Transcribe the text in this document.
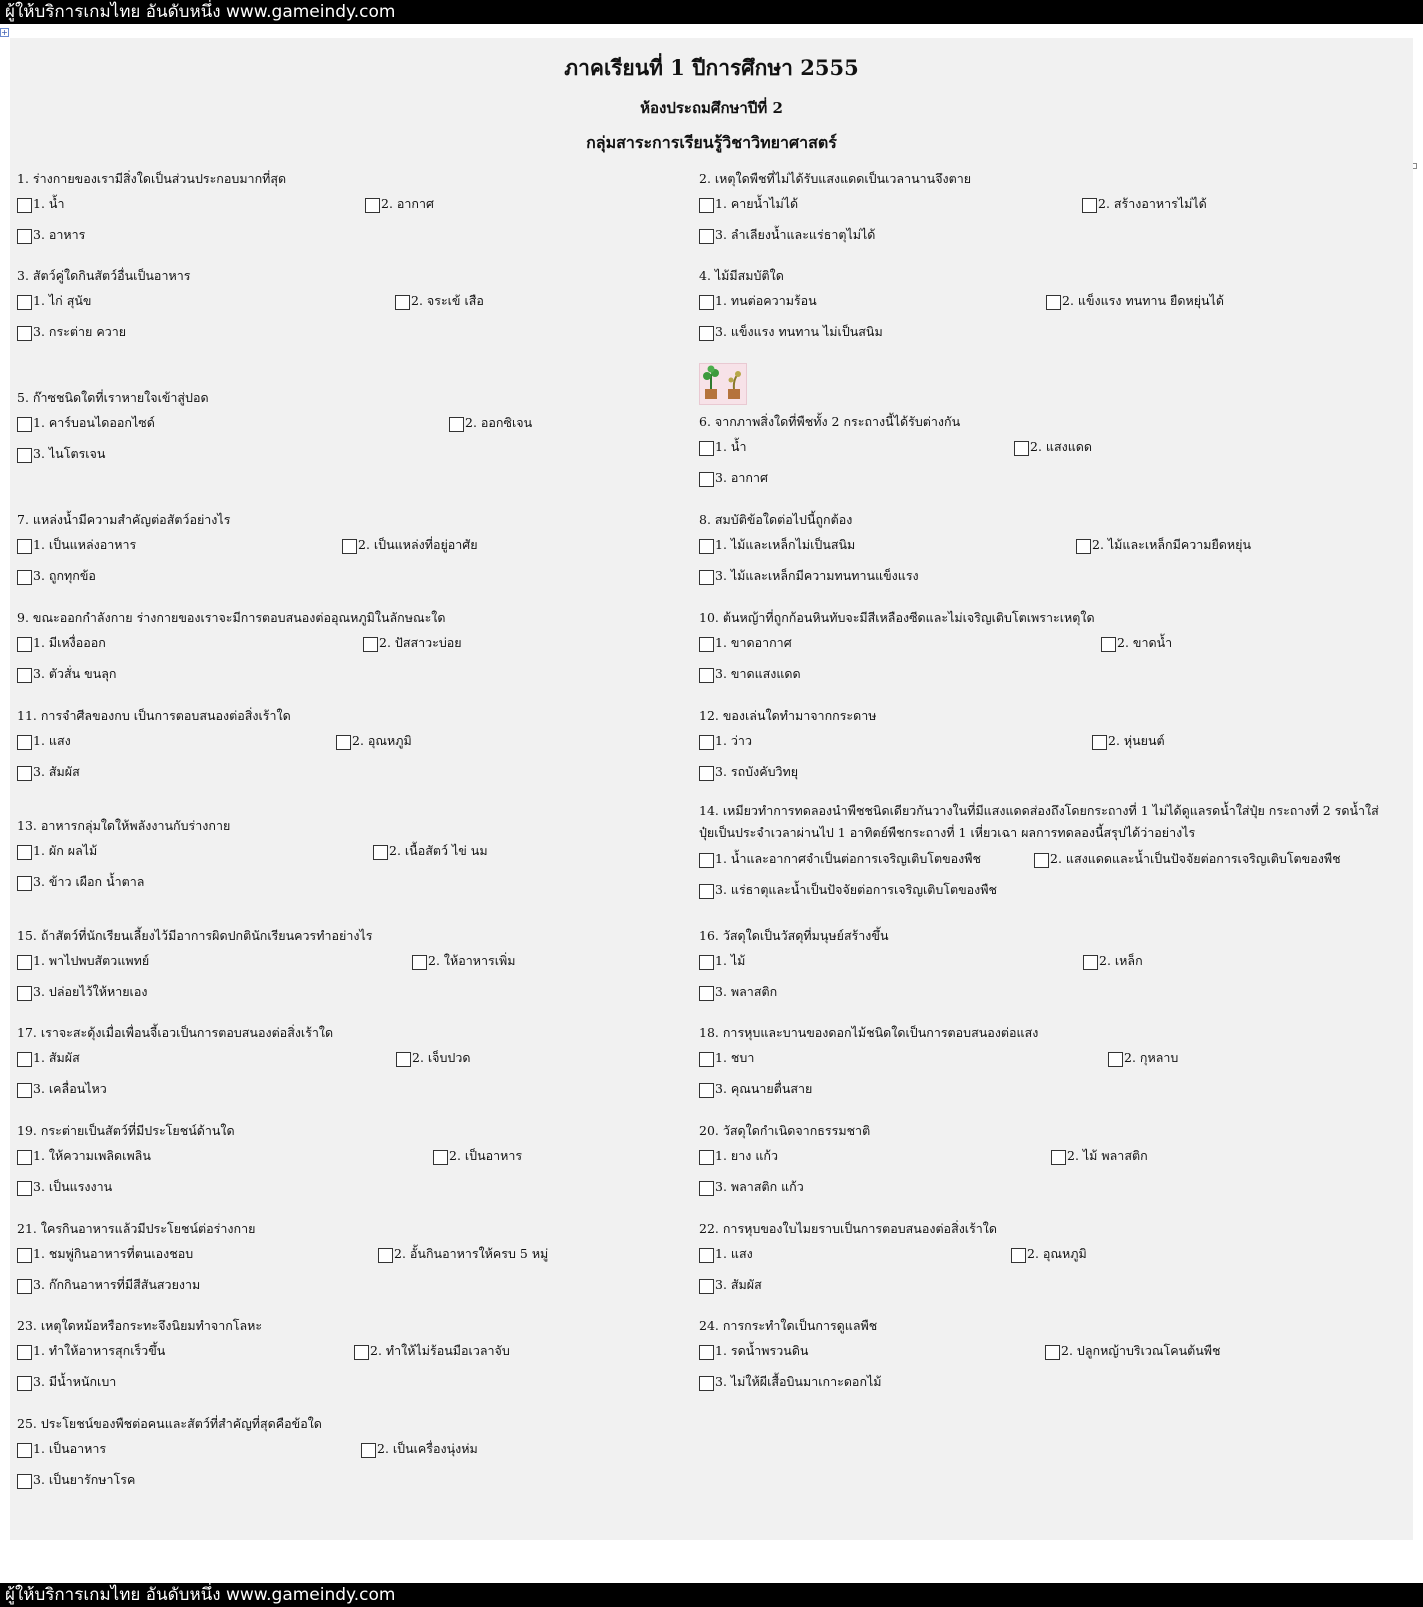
ผู้ให้บริการเกมไทย อันดับหนึ่ง www.gameindy.com
+
ภาคเรียนที่ 1 ปีการศึกษา 2555
ห้องประถมศึกษาปีที่ 2
กลุ่มสาระการเรียนรู้วิชาวิทยาศาสตร์
1. ร่างกายของเรามีสิ่งใดเป็นส่วนประกอบมากที่สุด
1. น้ำ	2. อากาศ
3. อาหาร
2. เหตุใดพืชที่ไม่ได้รับแสงแดดเป็นเวลานานจึงตาย
1. คายน้ำไม่ได้	2. สร้างอาหารไม่ได้
3. ลำเลียงน้ำและแร่ธาตุไม่ได้
3. สัตว์คู่ใดกินสัตว์อื่นเป็นอาหาร
1. ไก่ สุนัข	2. จระเข้ เสือ
3. กระต่าย ควาย
4. ไม้มีสมบัติใด
1. ทนต่อความร้อน	2. แข็งแรง ทนทาน ยืดหยุ่นได้
3. แข็งแรง ทนทาน ไม่เป็นสนิม
5. ก๊าซชนิดใดที่เราหายใจเข้าสู่ปอด
1. คาร์บอนไดออกไซด์	2. ออกซิเจน
3. ไนโตรเจน
6. จากภาพสิ่งใดที่พืชทั้ง 2 กระถางนี้ได้รับต่างกัน
1. น้ำ	2. แสงแดด
3. อากาศ
7. แหล่งน้ำมีความสำคัญต่อสัตว์อย่างไร
1. เป็นแหล่งอาหาร	2. เป็นแหล่งที่อยู่อาศัย
3. ถูกทุกข้อ
8. สมบัติข้อใดต่อไปนี้ถูกต้อง
1. ไม้และเหล็กไม่เป็นสนิม	2. ไม้และเหล็กมีความยืดหยุ่น
3. ไม้และเหล็กมีความทนทานแข็งแรง
9. ขณะออกกำลังกาย ร่างกายของเราจะมีการตอบสนองต่ออุณหภูมิในลักษณะใด
1. มีเหงื่อออก	2. ปัสสาวะบ่อย
3. ตัวสั่น ขนลุก
10. ต้นหญ้าที่ถูกก้อนหินทับจะมีสีเหลืองซีดและไม่เจริญเติบโตเพราะเหตุใด
1. ขาดอากาศ	2. ขาดน้ำ
3. ขาดแสงแดด
11. การจำศีลของกบ เป็นการตอบสนองต่อสิ่งเร้าใด
1. แสง	2. อุณหภูมิ
3. สัมผัส
12. ของเล่นใดทำมาจากกระดาษ
1. ว่าว	2. หุ่นยนต์
3. รถบังคับวิทยุ
13. อาหารกลุ่มใดให้พลังงานกับร่างกาย
1. ผัก ผลไม้	2. เนื้อสัตว์ ไข่ นม
3. ข้าว เผือก น้ำตาล
14. เหมียวทำการทดลองนำพืชชนิดเดียวกันวางในที่มีแสงแดดส่องถึงโดยกระถางที่ 1 ไม่ได้ดูแลรดน้ำใส่ปุ๋ย กระถางที่ 2 รดน้ำใส่ปุ๋ยเป็นประจำเวลาผ่านไป 1 อาทิตย์พืชกระถางที่ 1 เหี่ยวเฉา ผลการทดลองนี้สรุปได้ว่าอย่างไร
1. น้ำและอากาศจำเป็นต่อการเจริญเติบโตของพืช	2. แสงแดดและน้ำเป็นปัจจัยต่อการเจริญเติบโตของพืช
3. แร่ธาตุและน้ำเป็นปัจจัยต่อการเจริญเติบโตของพืช
15. ถ้าสัตว์ที่นักเรียนเลี้ยงไว้มีอาการผิดปกตินักเรียนควรทำอย่างไร
1. พาไปพบสัตวแพทย์	2. ให้อาหารเพิ่ม
3. ปล่อยไว้ให้หายเอง
16. วัสดุใดเป็นวัสดุที่มนุษย์สร้างขึ้น
1. ไม้	2. เหล็ก
3. พลาสติก
17. เราจะสะดุ้งเมื่อเพื่อนจี้เอวเป็นการตอบสนองต่อสิ่งเร้าใด
1. สัมผัส	2. เจ็บปวด
3. เคลื่อนไหว
18. การหุบและบานของดอกไม้ชนิดใดเป็นการตอบสนองต่อแสง
1. ชบา	2. กุหลาบ
3. คุณนายตื่นสาย
19. กระต่ายเป็นสัตว์ที่มีประโยชน์ด้านใด
1. ให้ความเพลิดเพลิน	2. เป็นอาหาร
3. เป็นแรงงาน
20. วัสดุใดกำเนิดจากธรรมชาติ
1. ยาง แก้ว	2. ไม้ พลาสติก
3. พลาสติก แก้ว
21. ใครกินอาหารแล้วมีประโยชน์ต่อร่างกาย
1. ชมพู่กินอาหารที่ตนเองชอบ	2. อั้นกินอาหารให้ครบ 5 หมู่
3. ก๊กกินอาหารที่มีสีสันสวยงาม
22. การหุบของใบไมยราบเป็นการตอบสนองต่อสิ่งเร้าใด
1. แสง	2. อุณหภูมิ
3. สัมผัส
23. เหตุใดหม้อหรือกระทะจึงนิยมทำจากโลหะ
1. ทำให้อาหารสุกเร็วขึ้น	2. ทำให้ไม่ร้อนมือเวลาจับ
3. มีน้ำหนักเบา
24. การกระทำใดเป็นการดูแลพืช
1. รดน้ำพรวนดิน	2. ปลูกหญ้าบริเวณโคนต้นพืช
3. ไม่ให้ผีเสื้อบินมาเกาะดอกไม้
25. ประโยชน์ของพืชต่อคนและสัตว์ที่สำคัญที่สุดคือข้อใด
1. เป็นอาหาร	2. เป็นเครื่องนุ่งห่ม
3. เป็นยารักษาโรค
ผู้ให้บริการเกมไทย อันดับหนึ่ง www.gameindy.com
